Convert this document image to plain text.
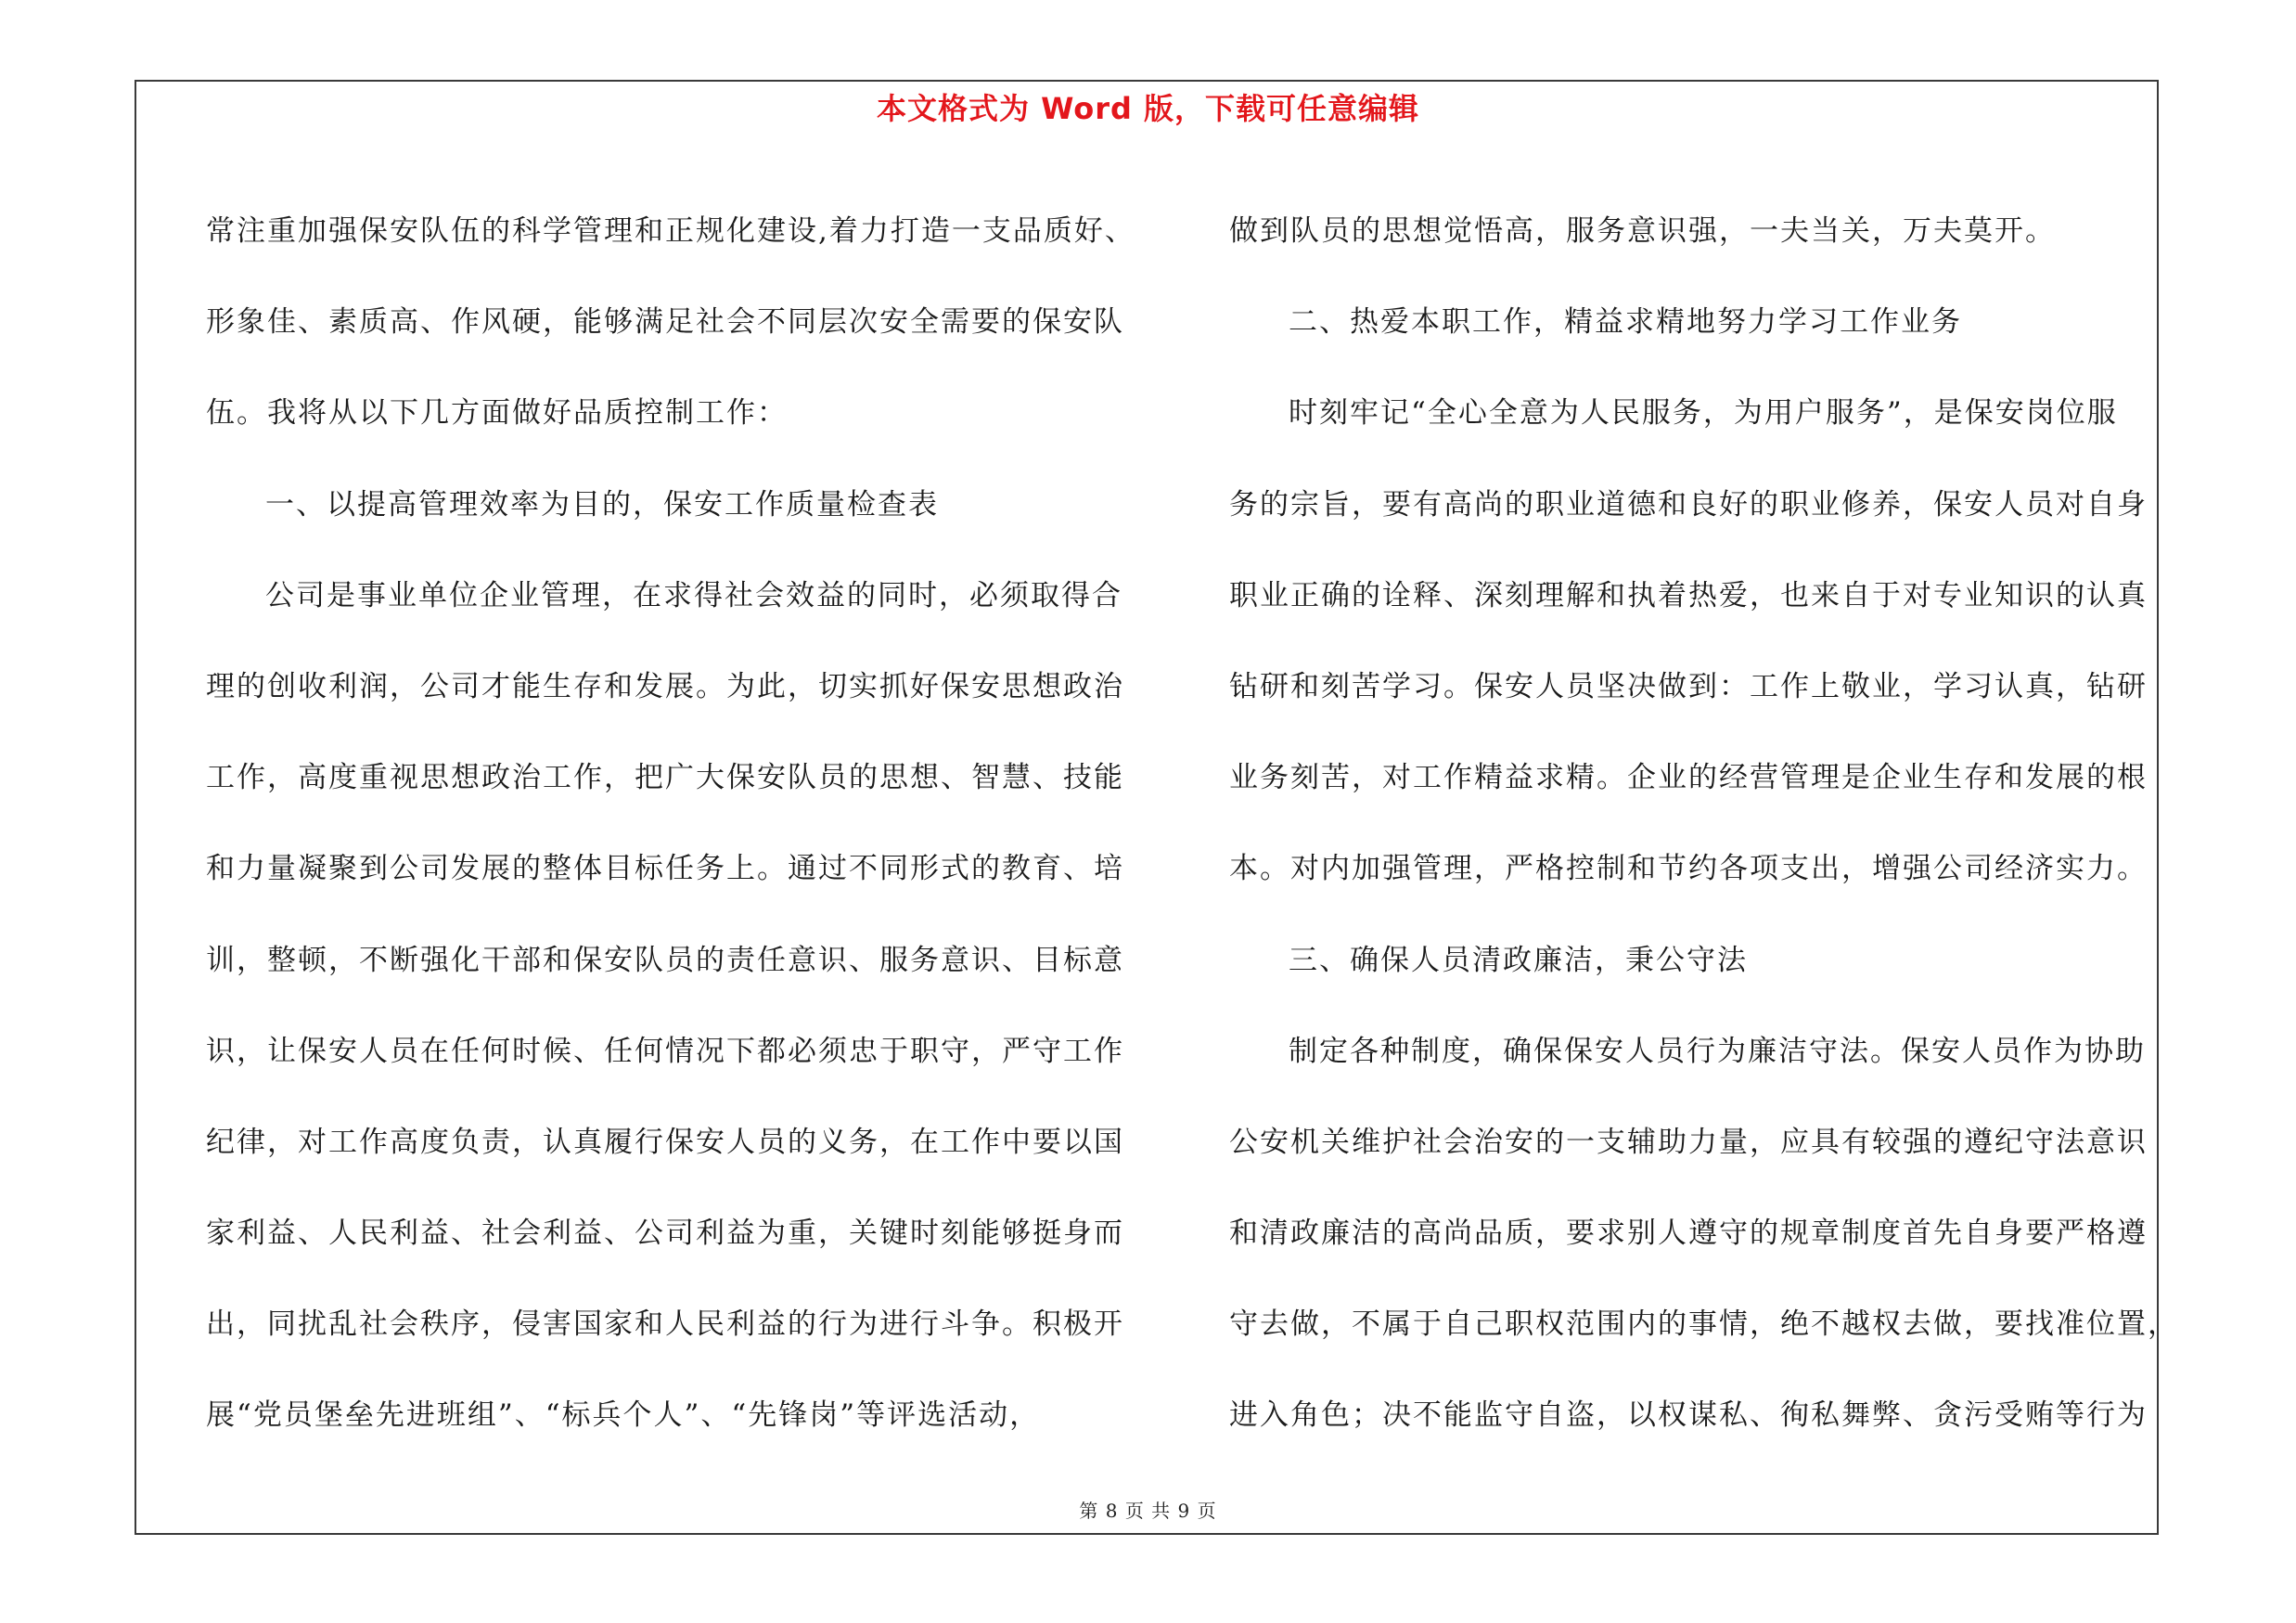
本文格式为 Word 版，下载可任意编辑
常注重加强保安队伍的科学管理和正规化建设,着力打造一支品质好、
形象佳、素质高、作风硬，能够满足社会不同层次安全需要的保安队
伍。我将从以下几方面做好品质控制工作：
一、以提高管理效率为目的，保安工作质量检查表
公司是事业单位企业管理，在求得社会效益的同时，必须取得合
理的创收利润，公司才能生存和发展。为此，切实抓好保安思想政治
工作，高度重视思想政治工作，把广大保安队员的思想、智慧、技能
和力量凝聚到公司发展的整体目标任务上。通过不同形式的教育、培
训，整顿，不断强化干部和保安队员的责任意识、服务意识、目标意
识，让保安人员在任何时候、任何情况下都必须忠于职守，严守工作
纪律，对工作高度负责，认真履行保安人员的义务，在工作中要以国
家利益、人民利益、社会利益、公司利益为重，关键时刻能够挺身而
出，同扰乱社会秩序，侵害国家和人民利益的行为进行斗争。积极开
展“党员堡垒先进班组”、“标兵个人”、“先锋岗”等评选活动，
做到队员的思想觉悟高，服务意识强，一夫当关，万夫莫开。
二、热爱本职工作，精益求精地努力学习工作业务
时刻牢记“全心全意为人民服务，为用户服务”，是保安岗位服
务的宗旨，要有高尚的职业道德和良好的职业修养，保安人员对自身
职业正确的诠释、深刻理解和执着热爱，也来自于对专业知识的认真
钻研和刻苦学习。保安人员坚决做到：工作上敬业，学习认真，钻研
业务刻苦，对工作精益求精。企业的经营管理是企业生存和发展的根
本。对内加强管理，严格控制和节约各项支出，增强公司经济实力。
三、确保人员清政廉洁，秉公守法
制定各种制度，确保保安人员行为廉洁守法。保安人员作为协助
公安机关维护社会治安的一支辅助力量，应具有较强的遵纪守法意识
和清政廉洁的高尚品质，要求别人遵守的规章制度首先自身要严格遵
守去做，不属于自己职权范围内的事情，绝不越权去做，要找准位置，
进入角色；决不能监守自盗，以权谋私、徇私舞弊、贪污受贿等行为
第 8 页 共 9 页
